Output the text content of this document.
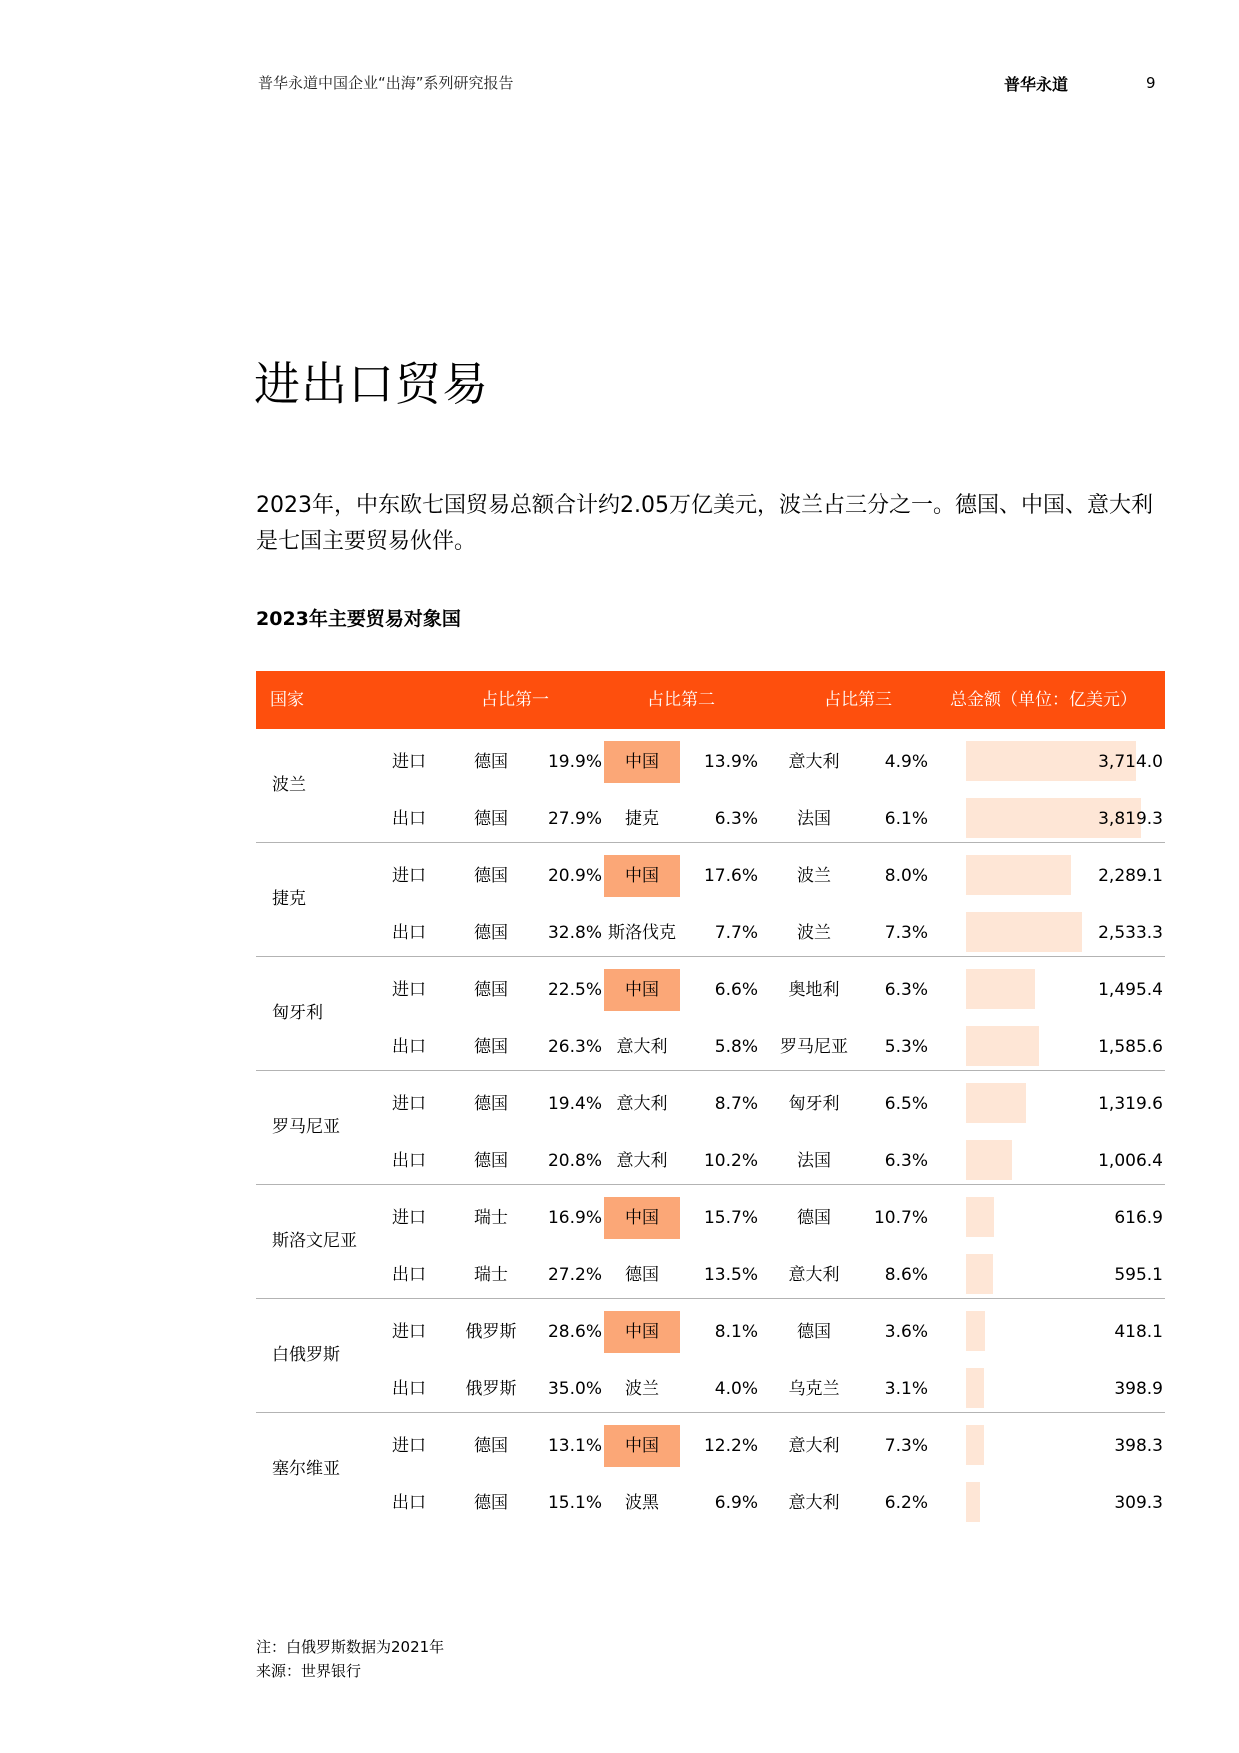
普华永道中国企业“出海”系列研究报告	普华永道	9
进出口贸易

2023年，中东欧七国贸易总额合计约2.05万亿美元，波兰占三分之一。德国、中国、意大利是七国主要贸易伙伴。

2023年主要贸易对象国
国家	占比第一	占比第二	占比第三	总金额（单位：亿美元）
波兰
进口	德国	19.9%	中国	13.9%	意大利	4.9%	3,714.0
出口	德国	27.9%	捷克	6.3%	法国	6.1%	3,819.3
捷克
进口	德国	20.9%	中国	17.6%	波兰	8.0%	2,289.1
出口	德国	32.8% 斯洛伐克	7.7%	波兰	7.3%	2,533.3
匈牙利
进口	德国	22.5%	中国	6.6%	奥地利	6.3%	1,495.4
出口	德国	26.3% 意大利	5.8%	罗马尼亚	5.3%	1,585.6
罗马尼亚
进口	德国	19.4% 意大利	8.7%	匈牙利	6.5%	1,319.6
出口	德国	20.8% 意大利	10.2%	法国	6.3%	1,006.4
斯洛文尼亚
进口	瑞士	16.9%	中国	15.7%	德国	10.7%	616.9
出口	瑞士	27.2%	德国	13.5%	意大利	8.6%	595.1
白俄罗斯
进口	俄罗斯	28.6%	中国	8.1%	德国	3.6%	418.1
出口	俄罗斯	35.0%	波兰	4.0%	乌克兰	3.1%	398.9
塞尔维亚
进口	德国	13.1%	中国	12.2%	意大利	7.3%	398.3
出口	德国	15.1%	波黑	6.9%	意大利	6.2%	309.3
注：白俄罗斯数据为2021年
来源：世界银行
